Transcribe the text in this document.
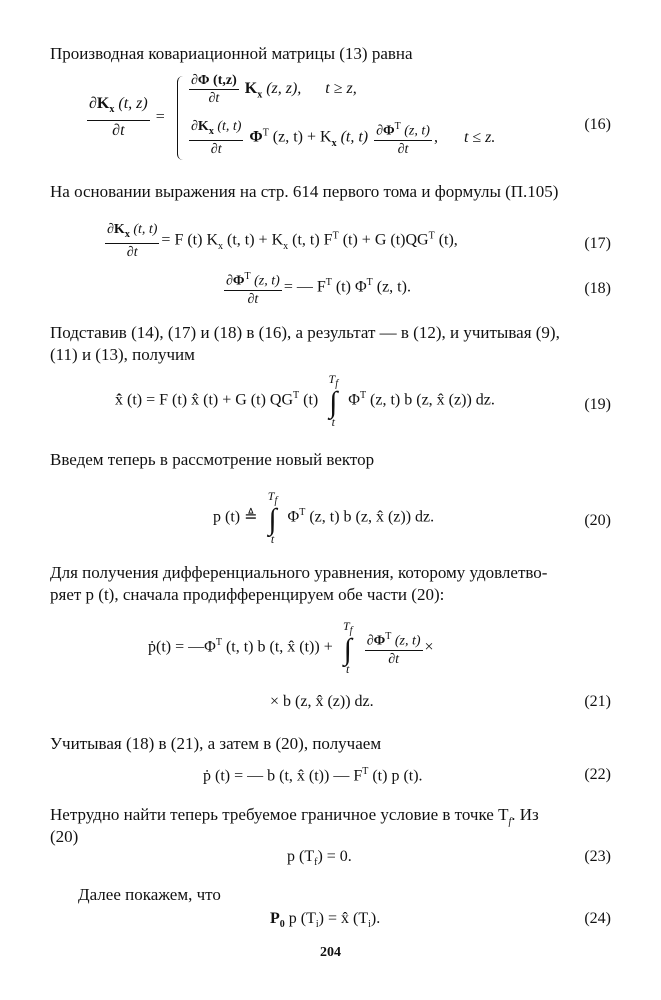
Производная ковариационной матрицы (13) равна
$\frac{\partial K_x (t, z)}{\partial t}$ =
$\frac{\partial\Phi (t,z)}{\partial t} K_x$ (z, z), t ≥ z,
$\frac{\partial K_x (t, t)}{\partial t} \Phi^T$ (z, $t) + K_x$ (t, $t) \frac{\partial\Phi^T (z, t)}{\partial t}$ , t ≤ z.
(16)
На основании выражения на стр. 614 первого тома и формулы (П.105)
$\frac{\partial K_x (t, t)}{\partial t} = F$ (t) $K_x$ (t, $t) + K_x$ (t, t) $F^T$ (t) + G $(t)QG^T$ (t),	(17)
$\frac{\partial\Phi^T (z, t)}{\partial t}$ = — $F^T$ (t) $\Phi^T$ (z, t).	(18)
Подставив (14), (17) и (18) в (16), а результат — в (12), и учитывая (9),
(11) и (13), получим
x̂̇ (t) = F (t) x̂ (t) + G (t) $QG^T$ (t)
$T_f$
∫
t
$\Phi^T$ (z, t) b (z, x̂ (z)) dz.	(19)
Введем теперь в рассмотрение новый вектор
p (t) ≜
$T_f$
∫
t
$\Phi^T$ (z, t) b (z, x̂ (z)) dz.	(20)
Для получения дифференциального уравнения, которому удовлетво-
ряет p (t), сначала продифференцируем обе части (20):
ṗ(t) = $—\Phi^T$ (t, t) b (t, x̂ (t)) +
$T_f$
∫
t

$\frac{\partial\Phi^T (z, t)}{\partial t}$ ×
× b (z, x̂ (z)) dz.	(21)
Учитывая (18) в (21), а затем в (20), получаем
ṗ (t) = — b (t, x̂ (t)) — $F^T$ (t) p (t).	(22)
Нетрудно найти теперь требуемое граничное условие в точке $T_f$. Из
(20)
p $(T_f) = 0$.	(23)
Далее покажем, что
$P_0$ p $(T_i)$ = x̂ $(T_i)$.	(24)
204
